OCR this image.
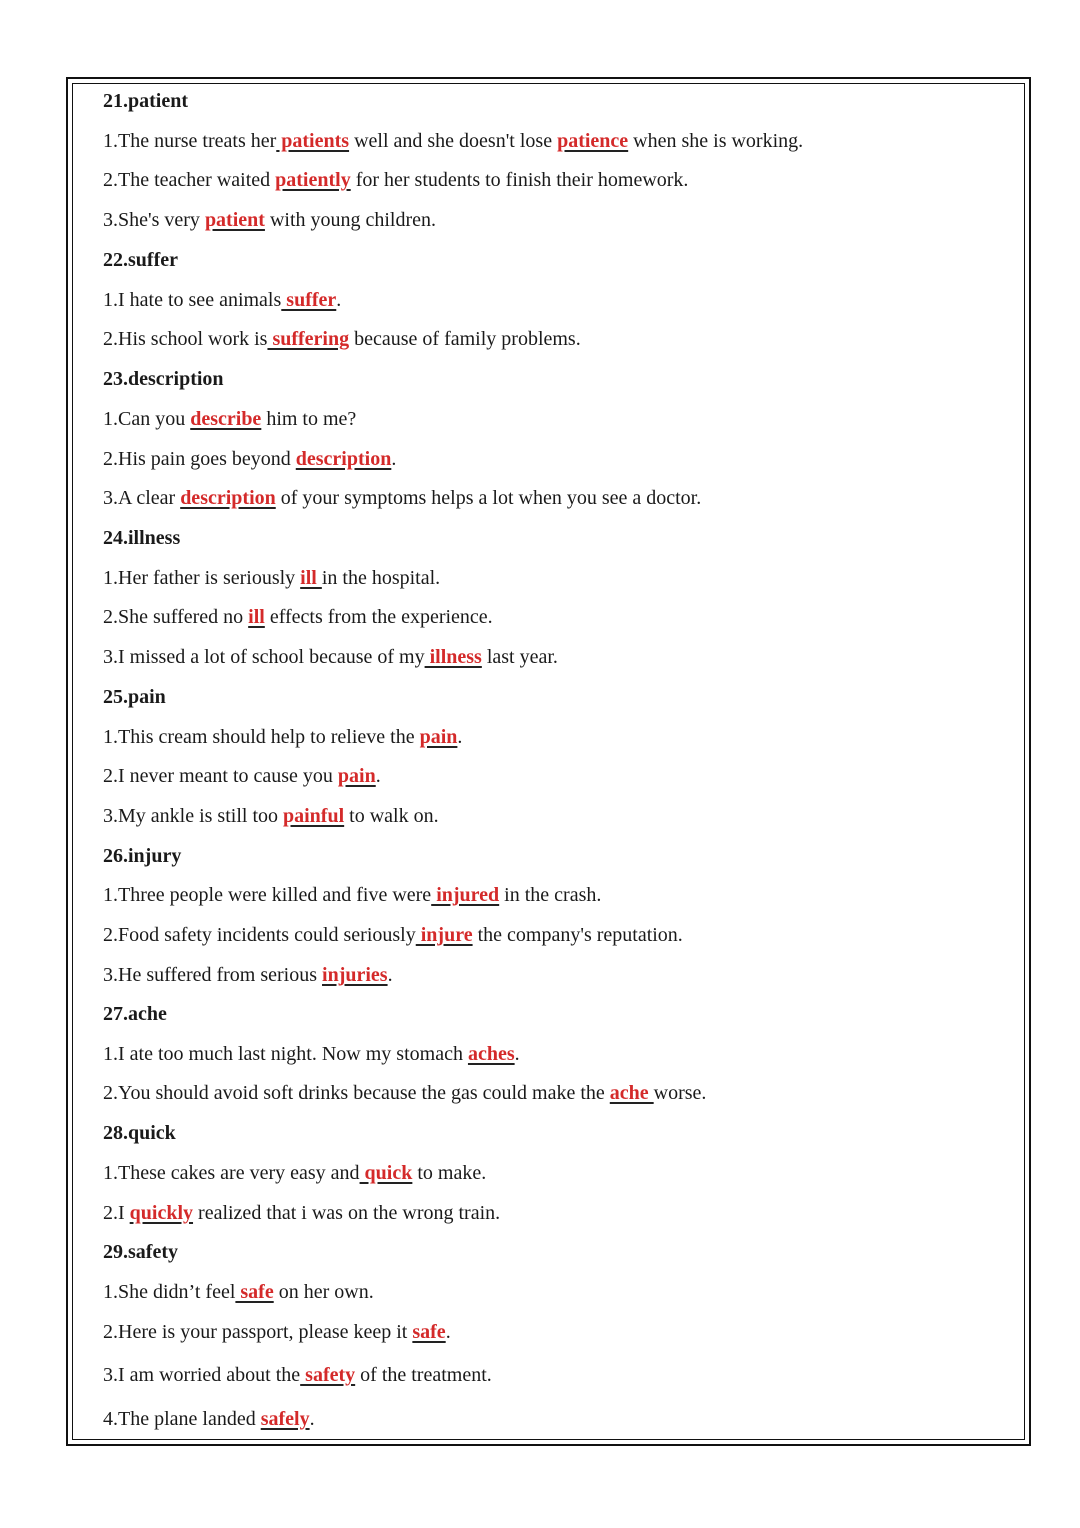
21.patient
1.The nurse treats her patients well and she doesn't lose patience when she is working.
2.The teacher waited patiently for her students to finish their homework.
3.She's very patient with young children.
22.suffer
1.I hate to see animals suffer.
2.His school work is suffering because of family problems.
23.description
1.Can you describe him to me?
2.His pain goes beyond description.
3.A clear description of your symptoms helps a lot when you see a doctor.
24.illness
1.Her father is seriously ill in the hospital.
2.She suffered no ill effects from the experience.
3.I missed a lot of school because of my illness last year.
25.pain
1.This cream should help to relieve the pain.
2.I never meant to cause you pain.
3.My ankle is still too painful to walk on.
26.injury
1.Three people were killed and five were injured in the crash.
2.Food safety incidents could seriously injure the company's reputation.
3.He suffered from serious injuries.
27.ache
1.I ate too much last night. Now my stomach aches.
2.You should avoid soft drinks because the gas could make the ache worse.
28.quick
1.These cakes are very easy and quick to make.
2.I quickly realized that i was on the wrong train.
29.safety
1.She didn’t feel safe on her own.
2.Here is your passport, please keep it safe.
3.I am worried about the safety of the treatment.
4.The plane landed safely.
